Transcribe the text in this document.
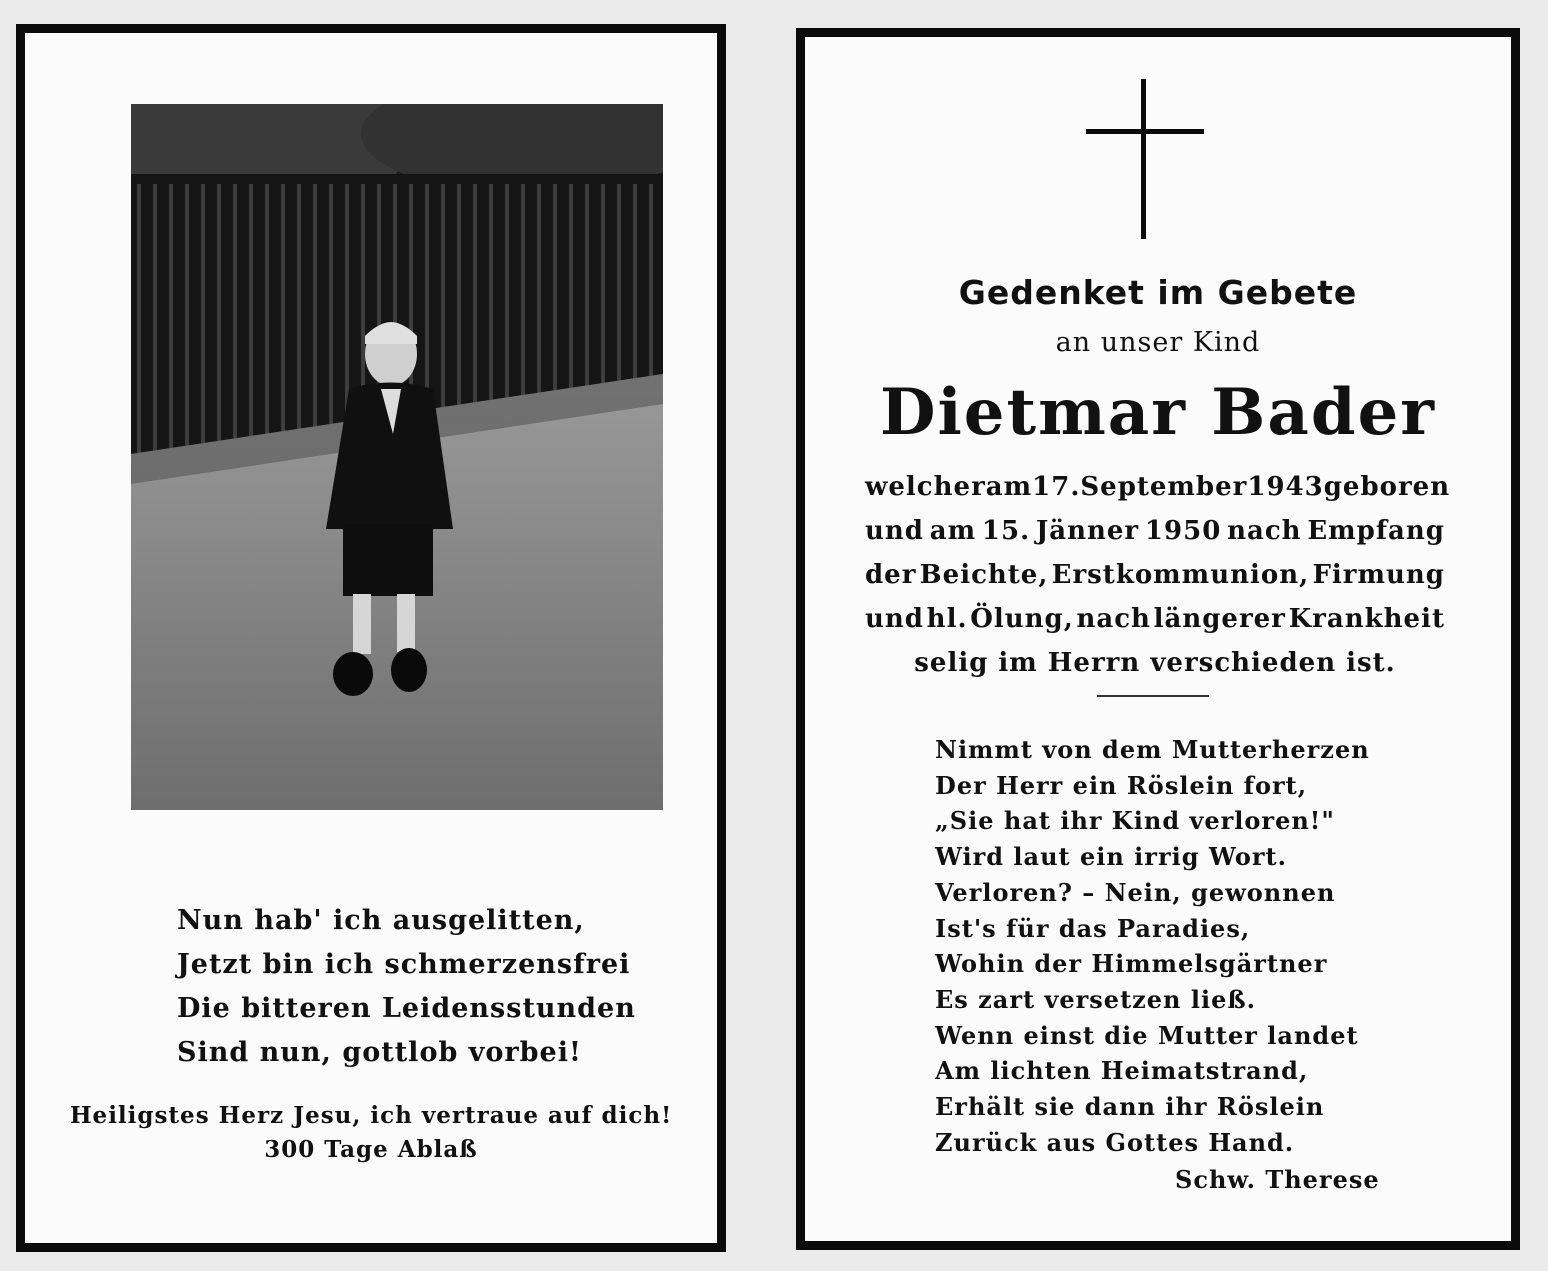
Nun hab' ich ausgelitten,
Jetzt bin ich schmerzensfrei
Die bitteren Leidensstunden
Sind nun, gottlob vorbei!
Heiligstes Herz Jesu, ich vertraue auf dich!
300 Tage Ablaß
Gedenket im Gebete
an unser Kind
Dietmar Bader
welcher am 17. September 1943 geboren
und am 15. Jänner 1950 nach Empfang
der Beichte, Erstkommunion, Firmung
und hl. Ölung, nach längerer Krankheit
selig im Herrn verschieden ist.
Nimmt von dem Mutterherzen
Der Herr ein Röslein fort,
„Sie hat ihr Kind verloren!"
Wird laut ein irrig Wort.
Verloren? – Nein, gewonnen
Ist's für das Paradies,
Wohin der Himmelsgärtner
Es zart versetzen ließ.
Wenn einst die Mutter landet
Am lichten Heimatstrand,
Erhält sie dann ihr Röslein
Zurück aus Gottes Hand.
Schw. Therese
